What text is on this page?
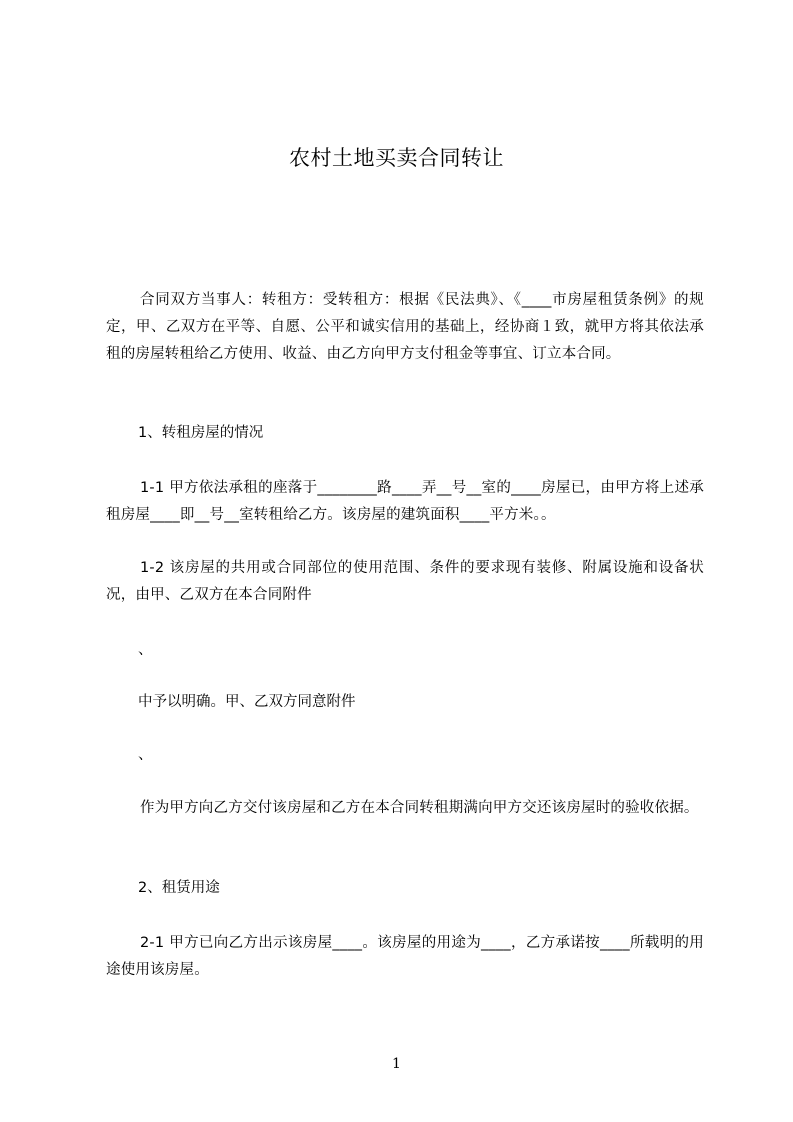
农村土地买卖合同转让
合同双方当事人：转租方：受转租方：根据《民法典》、《____市房屋租赁条例》的规定，甲、乙双方在平等、自愿、公平和诚实信用的基础上，经协商１致，就甲方将其依法承租的房屋转租给乙方使用、收益、由乙方向甲方支付租金等事宜、订立本合同。
1、转租房屋的情况
1-1 甲方依法承租的座落于________路____弄__号__室的____房屋已，由甲方将上述承租房屋____即__号__室转租给乙方。该房屋的建筑面积____平方米。。
1-2 该房屋的共用或合同部位的使用范围、条件的要求现有装修、附属设施和设备状况，由甲、乙双方在本合同附件
、
中予以明确。甲、乙双方同意附件
、
作为甲方向乙方交付该房屋和乙方在本合同转租期满向甲方交还该房屋时的验收依据。
2、租赁用途
2-1 甲方已向乙方出示该房屋____。该房屋的用途为____，乙方承诺按____所载明的用途使用该房屋。
1
